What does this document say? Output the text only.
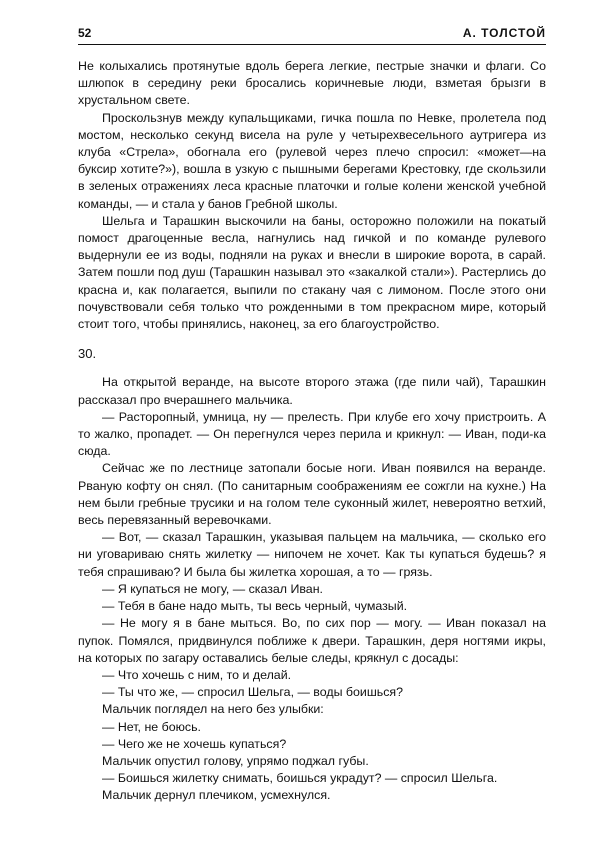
52	А. ТОЛСТОЙ

Не колыхались протянутые вдоль берега легкие, пестрые значки и флаги. Со шлюпок в середину реки бросались коричневые люди, взметая брызги в хрустальном свете.

Проскользнув между купальщиками, гичка пошла по Невке, пролетела под мостом, несколько секунд висела на руле у четырехвесельного аутригера из клуба «Стрела», обогнала его (рулевой через плечо спросил: «может—на буксир хотите?»), вошла в узкую с пышными берегами Крестовку, где скользили в зеленых отражениях леса красные платочки и голые колени женской учебной команды, — и стала у банов Гребной школы.

Шельга и Тарашкин выскочили на баны, осторожно положили на покатый помост драгоценные весла, нагнулись над гичкой и по команде рулевого выдернули ее из воды, подняли на руках и внесли в широкие ворота, в сарай. Затем пошли под душ (Тарашкин называл это «закалкой стали»). Растерлись до красна и, как полагается, выпили по стакану чая с лимоном. После этого они почувствовали себя только что рожденными в том прекрасном мире, который стоит того, чтобы принялись, наконец, за его благоустройство.

30.

На открытой веранде, на высоте второго этажа (где пили чай), Тарашкин рассказал про вчерашнего мальчика.

— Расторопный, умница, ну — прелесть. При клубе его хочу пристроить. А то жалко, пропадет. — Он перегнулся через перила и крикнул: — Иван, поди-ка сюда.

Сейчас же по лестнице затопали босые ноги. Иван появился на веранде. Рваную кофту он снял. (По санитарным соображениям ее сожгли на кухне.) На нем были гребные трусики и на голом теле суконный жилет, невероятно ветхий, весь перевязанный веревочками.

— Вот, — сказал Тарашкин, указывая пальцем на мальчика, — сколько его ни уговариваю снять жилетку — нипочем не хочет. Как ты купаться будешь? я тебя спрашиваю? И была бы жилетка хорошая, а то — грязь.

— Я купаться не могу, — сказал Иван.

— Тебя в бане надо мыть, ты весь черный, чумазый.

— Не могу я в бане мыться. Во, по сих пор — могу. — Иван показал на пупок. Помялся, придвинулся поближе к двери. Тарашкин, деря ногтями икры, на которых по загару оставались белые следы, крякнул с досады:

— Что хочешь с ним, то и делай.

— Ты что же, — спросил Шельга, — воды боишься?

Мальчик поглядел на него без улыбки:

— Нет, не боюсь.

— Чего же не хочешь купаться?

Мальчик опустил голову, упрямо поджал губы.

— Боишься жилетку снимать, боишься украдут? — спросил Шельга.

Мальчик дернул плечиком, усмехнулся.
